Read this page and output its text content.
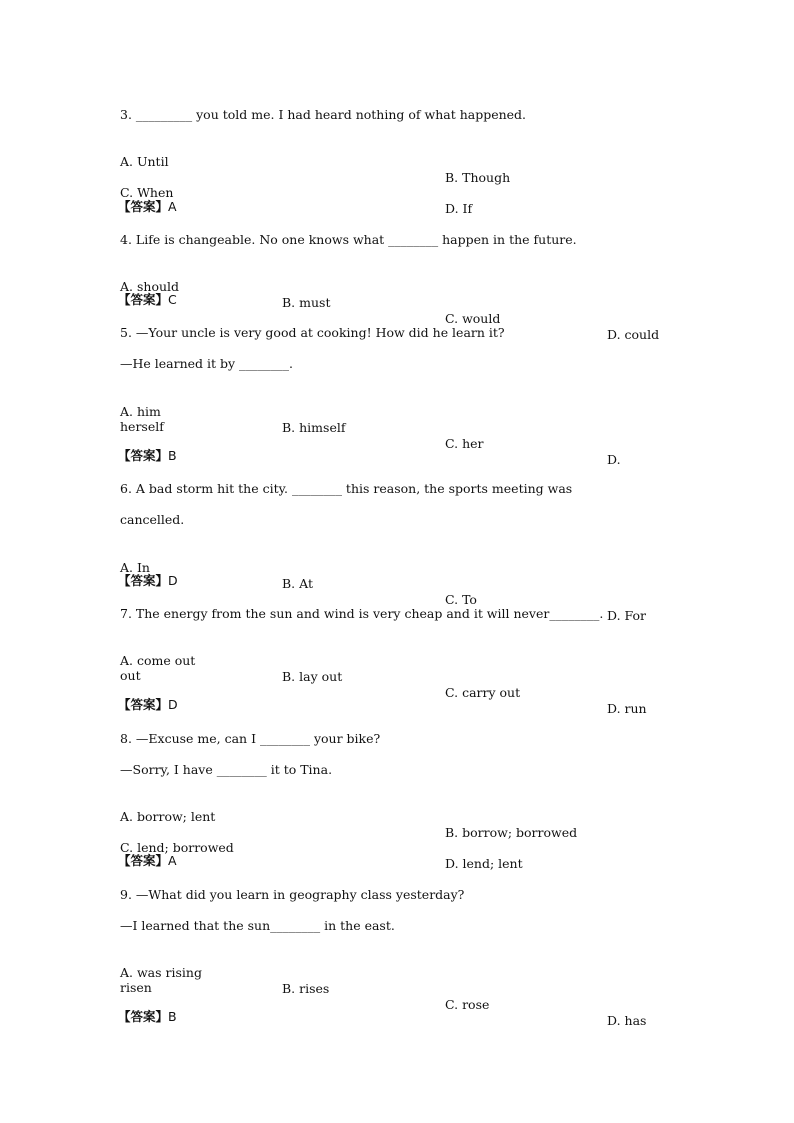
3. _________ you told me. I had heard nothing of what happened.

A. Until

B. Though

C. When

D. If

【答案】A
4. Life is changeable. No one knows what ________ happen in the future.

A. should

B. must

C. would

D. could

【答案】C
5. —Your uncle is very good at cooking! How did he learn it?
—He learned it by ________.

A. him

B. himself

C. her

D.

herself
【答案】B
6. A bad storm hit the city. ________ this reason, the sports meeting was
cancelled.

A. In

B. At

C. To

D. For

【答案】D
7. The energy from the sun and wind is very cheap and it will never________.

A. come out

B. lay out

C. carry out

D. run

out
【答案】D
8. —Excuse me, can I ________ your bike?
—Sorry, I have ________ it to Tina.

A. borrow; lent

B. borrow; borrowed

C. lend; borrowed

D. lend; lent

【答案】A
9. —What did you learn in geography class yesterday?
—I learned that the sun________ in the east.

A. was rising

B. rises

C. rose

D. has

risen
【答案】B
